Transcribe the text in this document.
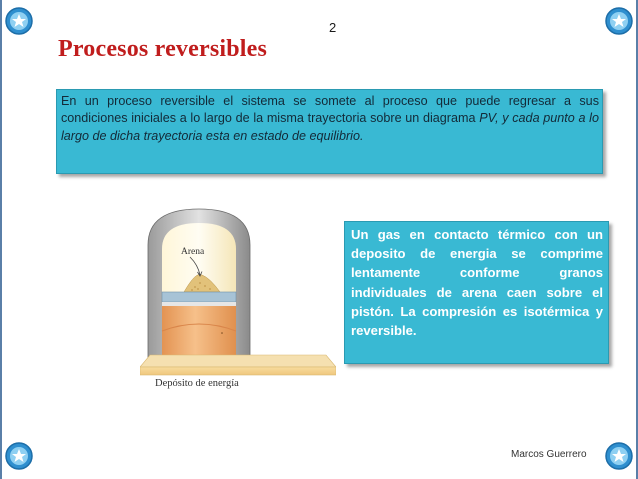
2
Procesos reversibles
En un proceso reversible el sistema se somete al proceso que puede regresar a sus condiciones iniciales a lo largo de la misma trayectoria sobre un diagrama PV, y cada punto a lo largo de dicha trayectoria esta en estado de equilibrio.
Arena
Depósito de energía
Un gas en contacto térmico con un deposito de energia se comprime lentamente conforme granos individuales de arena caen sobre el pistón. La compresión es isotérmica y reversible.
Marcos Guerrero
